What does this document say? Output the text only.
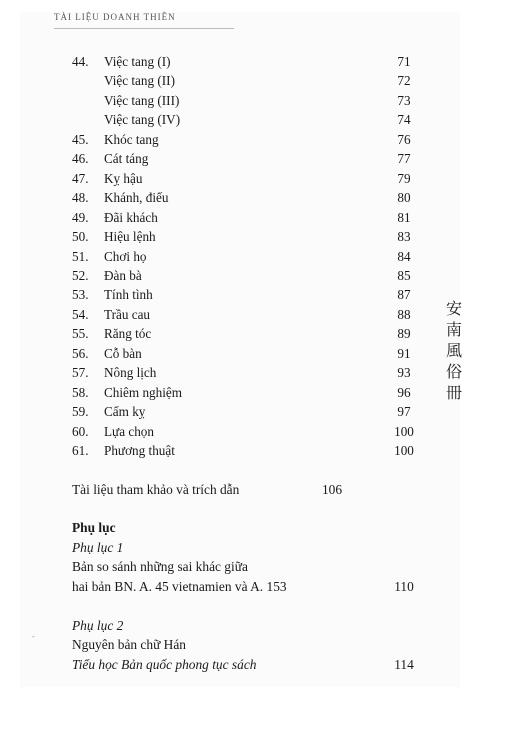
TÀI LIỆU DOANH THIÊN
44. Việc tang (I)	71
Việc tang (II)	72
Việc tang (III)	73
Việc tang (IV)	74
45. Khóc tang	76
46. Cát táng	77
47. Kỵ hậu	79
48. Khánh, điếu	80
49. Đãi khách	81
50. Hiệu lệnh	83
51. Chơi họ	84
52. Đàn bà	85
53. Tính tình	87
54. Trầu cau	88
55. Răng tóc	89
56. Cỗ bàn	91
57. Nông lịch	93
58. Chiêm nghiệm	96
59. Cấm kỵ	97
60. Lựa chọn	100
61. Phương thuật	100
Tài liệu tham khảo và trích dẫn	106
Phụ lục
Phụ lục 1
Bản so sánh những sai khác giữa
hai bản BN. A. 45 vietnamien và A. 153	110
Phụ lục 2
Nguyên bản chữ Hán
Tiểu học Bản quốc phong tục sách	114
安
南
風
俗
冊
-
